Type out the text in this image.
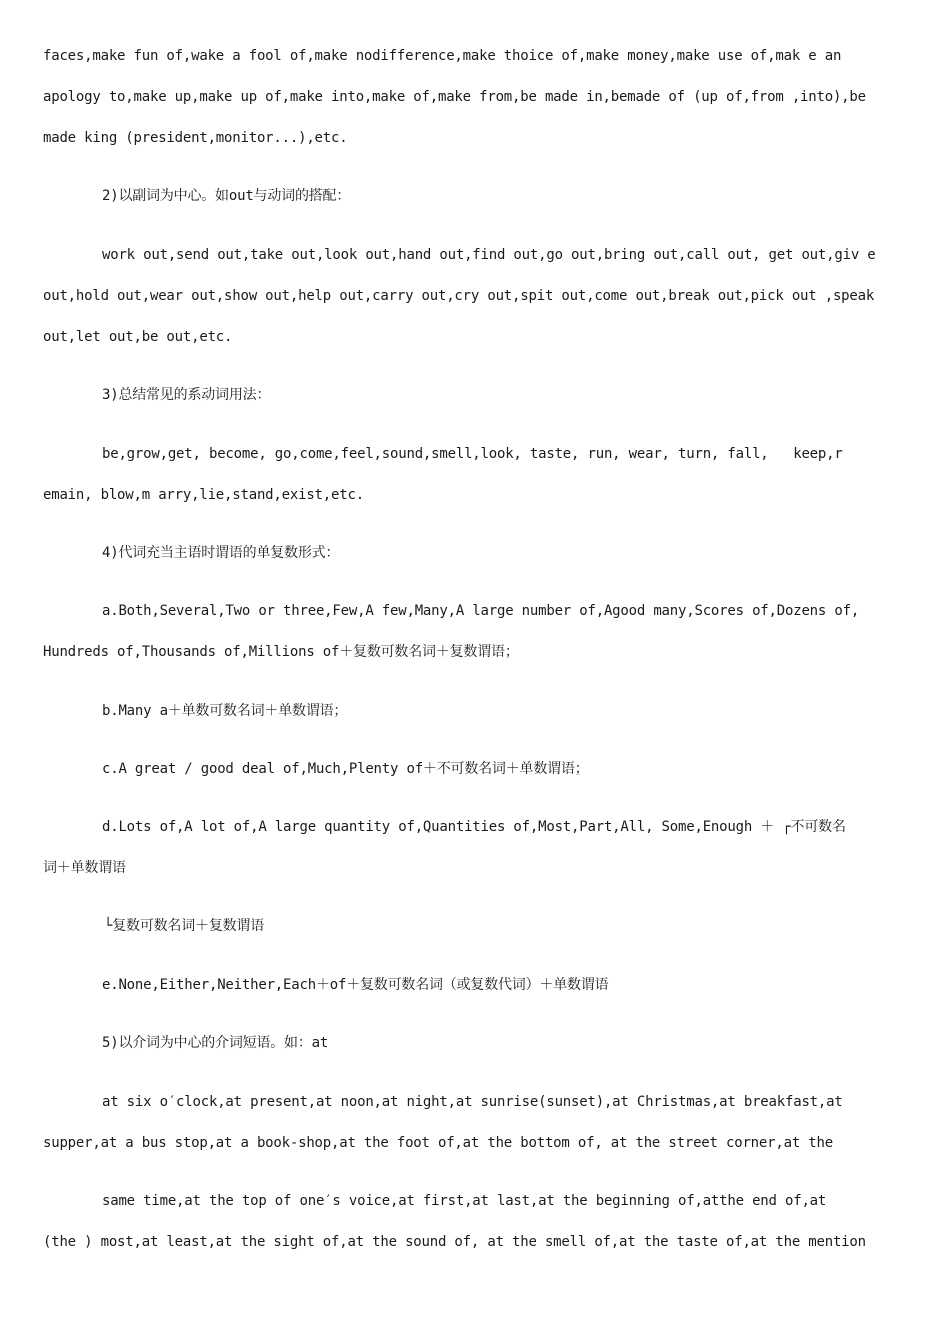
faces,make fun of,wake a fool of,make nodifference,make thoice of,make money,make use of,mak e an
apology to,make up,make up of,make into,make of,make from,be made in,bemade of (up of,from ,into),be
made king (president,monitor...),etc.
2)以副词为中心。如out与动词的搭配：
work out,send out,take out,look out,hand out,find out,go out,bring out,call out, get out,giv e
out,hold out,wear out,show out,help out,carry out,cry out,spit out,come out,break out,pick out ,speak
out,let out,be out,etc.
3)总结常见的系动词用法：
be,grow,get, become, go,come,feel,sound,smell,look, taste, run, wear, turn, fall,   keep,r
emain, blow,m arry,lie,stand,exist,etc.
4)代词充当主语时谓语的单复数形式：
a.Both,Several,Two or three,Few,A few,Many,A large number of,Agood many,Scores of,Dozens of,
Hundreds of,Thousands of,Millions of＋复数可数名词＋复数谓语；
b.Many a＋单数可数名词＋单数谓语；
c.A great / good deal of,Much,Plenty of＋不可数名词＋单数谓语；
d.Lots of,A lot of,A large quantity of,Quantities of,Most,Part,All, Some,Enough ＋ ┌不可数名
词＋单数谓语
└复数可数名词＋复数谓语
e.None,Either,Neither,Each＋of＋复数可数名词（或复数代词）＋单数谓语
5)以介词为中心的介词短语。如：at
at six o′clock,at present,at noon,at night,at sunrise(sunset),at Christmas,at breakfast,at
supper,at a bus stop,at a book-shop,at the foot of,at the bottom of, at the street corner,at the
same time,at the top of one′s voice,at first,at last,at the beginning of,atthe end of,at
(the ) most,at least,at the sight of,at the sound of, at the smell of,at the taste of,at the mention
